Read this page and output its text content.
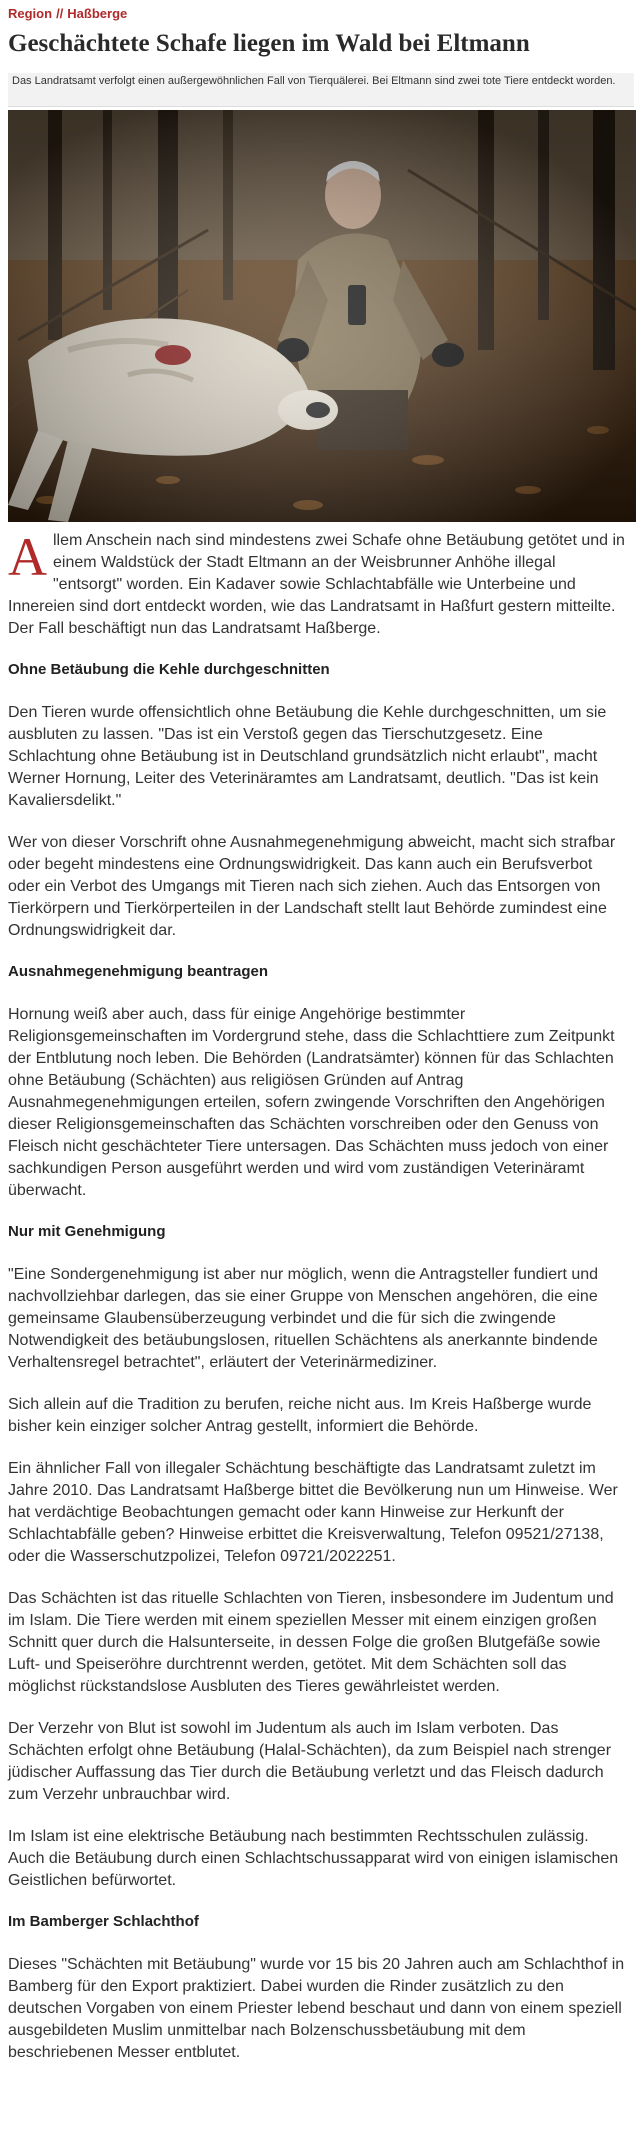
Region // Haßberge
Geschächtete Schafe liegen im Wald bei Eltmann
Das Landratsamt verfolgt einen außergewöhnlichen Fall von Tierquälerei. Bei Eltmann sind zwei tote Tiere entdeckt worden.

Allem Anschein nach sind mindestens zwei Schafe ohne Betäubung getötet und in einem Waldstück der Stadt Eltmann an der Weisbrunner Anhöhe illegal "entsorgt" worden. Ein Kadaver sowie Schlachtabfälle wie Unterbeine und Innereien sind dort entdeckt worden, wie das Landratsamt in Haßfurt gestern mitteilte. Der Fall beschäftigt nun das Landratsamt Haßberge.

Ohne Betäubung die Kehle durchgeschnitten

Den Tieren wurde offensichtlich ohne Betäubung die Kehle durchgeschnitten, um sie ausbluten zu lassen. "Das ist ein Verstoß gegen das Tierschutzgesetz. Eine Schlachtung ohne Betäubung ist in Deutschland grundsätzlich nicht erlaubt", macht Werner Hornung, Leiter des Veterinäramtes am Landratsamt, deutlich. "Das ist kein Kavaliersdelikt."

Wer von dieser Vorschrift ohne Ausnahmegenehmigung abweicht, macht sich strafbar oder begeht mindestens eine Ordnungswidrigkeit. Das kann auch ein Berufsverbot oder ein Verbot des Umgangs mit Tieren nach sich ziehen. Auch das Entsorgen von Tierkörpern und Tierkörperteilen in der Landschaft stellt laut Behörde zumindest eine Ordnungswidrigkeit dar.

Ausnahmegenehmigung beantragen

Hornung weiß aber auch, dass für einige Angehörige bestimmter Religionsgemeinschaften im Vordergrund stehe, dass die Schlachttiere zum Zeitpunkt der Entblutung noch leben. Die Behörden (Landratsämter) können für das Schlachten ohne Betäubung (Schächten) aus religiösen Gründen auf Antrag Ausnahmegenehmigungen erteilen, sofern zwingende Vorschriften den Angehörigen dieser Religionsgemeinschaften das Schächten vorschreiben oder den Genuss von Fleisch nicht geschächteter Tiere untersagen. Das Schächten muss jedoch von einer sachkundigen Person ausgeführt werden und wird vom zuständigen Veterinäramt überwacht.

Nur mit Genehmigung

"Eine Sondergenehmigung ist aber nur möglich, wenn die Antragsteller fundiert und nachvollziehbar darlegen, das sie einer Gruppe von Menschen angehören, die eine gemeinsame Glaubensüberzeugung verbindet und die für sich die zwingende Notwendigkeit des betäubungslosen, rituellen Schächtens als anerkannte bindende Verhaltensregel betrachtet", erläutert der Veterinärmediziner.

Sich allein auf die Tradition zu berufen, reiche nicht aus. Im Kreis Haßberge wurde bisher kein einziger solcher Antrag gestellt, informiert die Behörde.

Ein ähnlicher Fall von illegaler Schächtung beschäftigte das Landratsamt zuletzt im Jahre 2010. Das Landratsamt Haßberge bittet die Bevölkerung nun um Hinweise. Wer hat verdächtige Beobachtungen gemacht oder kann Hinweise zur Herkunft der Schlachtabfälle geben? Hinweise erbittet die Kreisverwaltung, Telefon 09521/27138, oder die Wasserschutzpolizei, Telefon 09721/2022251.

Das Schächten ist das rituelle Schlachten von Tieren, insbesondere im Judentum und im Islam. Die Tiere werden mit einem speziellen Messer mit einem einzigen großen Schnitt quer durch die Halsunterseite, in dessen Folge die großen Blutgefäße sowie Luft- und Speiseröhre durchtrennt werden, getötet. Mit dem Schächten soll das möglichst rückstandslose Ausbluten des Tieres gewährleistet werden.

Der Verzehr von Blut ist sowohl im Judentum als auch im Islam verboten. Das Schächten erfolgt ohne Betäubung (Halal-Schächten), da zum Beispiel nach strenger jüdischer Auffassung das Tier durch die Betäubung verletzt und das Fleisch dadurch zum Verzehr unbrauchbar wird.

Im Islam ist eine elektrische Betäubung nach bestimmten Rechtsschulen zulässig. Auch die Betäubung durch einen Schlachtschussapparat wird von einigen islamischen Geistlichen befürwortet.

Im Bamberger Schlachthof

Dieses "Schächten mit Betäubung" wurde vor 15 bis 20 Jahren auch am Schlachthof in Bamberg für den Export praktiziert. Dabei wurden die Rinder zusätzlich zu den deutschen Vorgaben von einem Priester lebend beschaut und dann von einem speziell ausgebildeten Muslim unmittelbar nach Bolzenschussbetäubung mit dem beschriebenen Messer entblutet.
